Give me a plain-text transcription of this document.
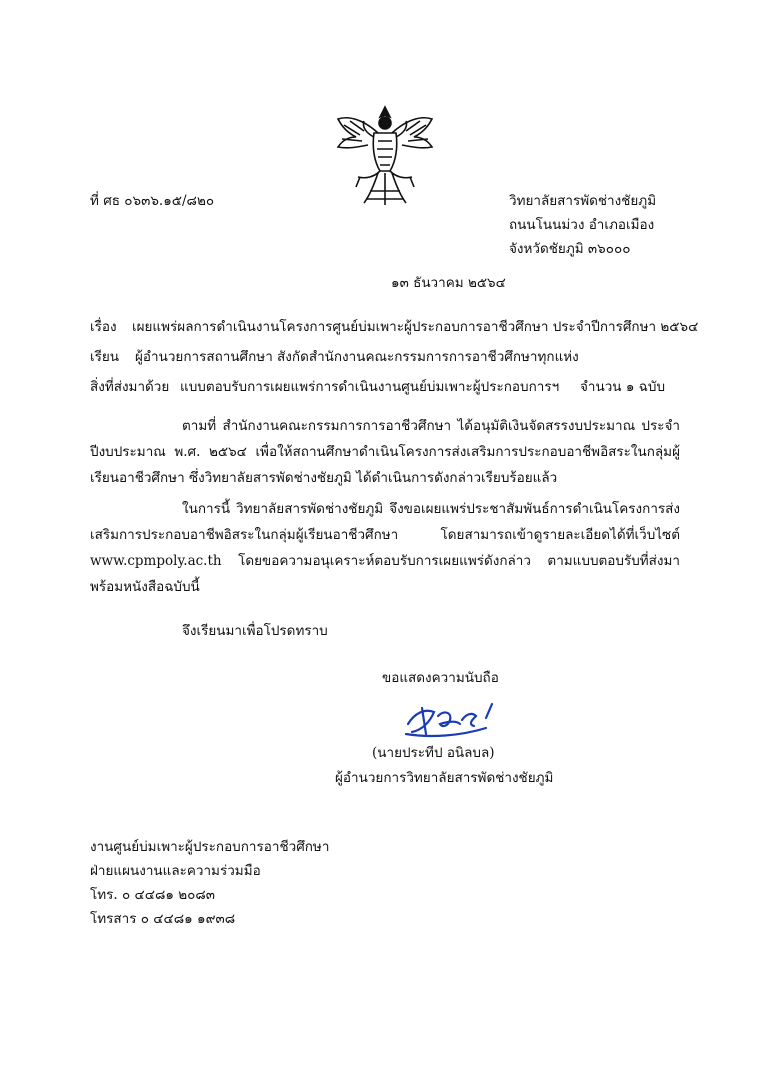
ที่ ศธ ๐๖๓๖.๑๕/๘๒๐	วิทยาลัยสารพัดช่างชัยภูมิ
ถนนโนนม่วง อำเภอเมือง
จังหวัดชัยภูมิ ๓๖๐๐๐
๑๓ ธันวาคม ๒๕๖๔
เรื่อง เผยแพร่ผลการดำเนินงานโครงการศูนย์บ่มเพาะผู้ประกอบการอาชีวศึกษา ประจำปีการศึกษา ๒๕๖๔
เรียน ผู้อำนวยการสถานศึกษา สังกัดสำนักงานคณะกรรมการการอาชีวศึกษาทุกแห่ง
สิ่งที่ส่งมาด้วย แบบตอบรับการเผยแพร่การดำเนินงานศูนย์บ่มเพาะผู้ประกอบการฯ จำนวน ๑ ฉบับ
ตามที่ สำนักงานคณะกรรมการการอาชีวศึกษา ได้อนุมัติเงินจัดสรรงบประมาณ ประจำปีงบประมาณ พ.ศ. ๒๕๖๔ เพื่อให้สถานศึกษาดำเนินโครงการส่งเสริมการประกอบอาชีพอิสระในกลุ่มผู้เรียนอาชีวศึกษา ซึ่งวิทยาลัยสารพัดช่างชัยภูมิ ได้ดำเนินการดังกล่าวเรียบร้อยแล้ว
ในการนี้ วิทยาลัยสารพัดช่างชัยภูมิ จึงขอเผยแพร่ประชาสัมพันธ์การดำเนินโครงการส่งเสริมการประกอบอาชีพอิสระในกลุ่มผู้เรียนอาชีวศึกษา โดยสามารถเข้าดูรายละเอียดได้ที่เว็บไซต์ www.cpmpoly.ac.th โดยขอความอนุเคราะห์ตอบรับการเผยแพร่ดังกล่าว ตามแบบตอบรับที่ส่งมาพร้อมหนังสือฉบับนี้
จึงเรียนมาเพื่อโปรดทราบ
ขอแสดงความนับถือ
(นายประทีป อนิลบล)
ผู้อำนวยการวิทยาลัยสารพัดช่างชัยภูมิ
งานศูนย์บ่มเพาะผู้ประกอบการอาชีวศึกษา
ฝ่ายแผนงานและความร่วมมือ
โทร. ๐ ๔๔๘๑ ๒๐๘๓
โทรสาร ๐ ๔๔๘๑ ๑๙๓๘
